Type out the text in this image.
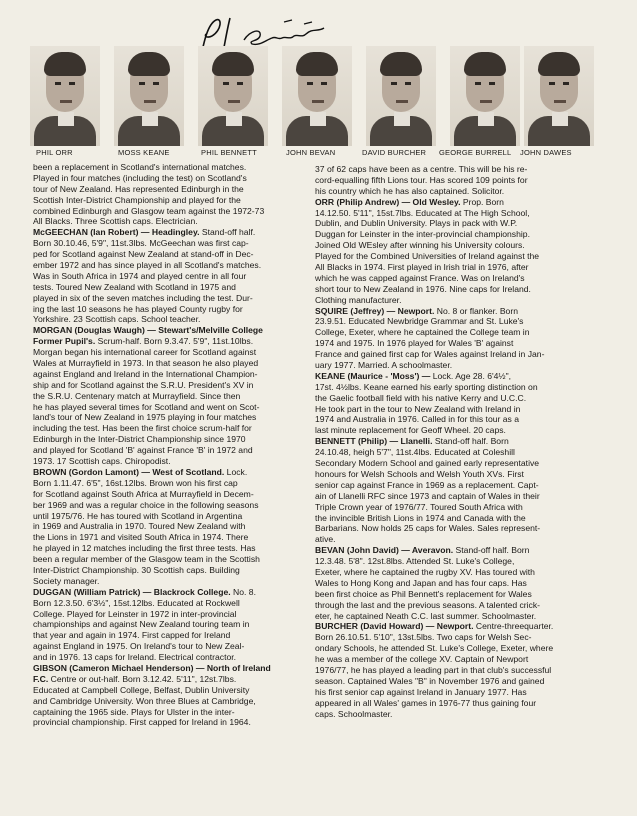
PHIL ORR	MOSS KEANE	PHIL BENNETT	JOHN BEVAN	DAVID BURCHER GEORGE BURRELL JOHN DAWES
been a replacement in Scotland's international matches.
Played in four matches (including the test) on Scotland's
tour of New Zealand. Has represented Edinburgh in the
Scottish Inter-District Championship and played for the
combined Edinburgh and Glasgow team against the 1972-73
All Blacks. Three Scottish caps. Electrician.
McGEECHAN (Ian Robert) — Headingley. Stand-off half.
Born 30.10.46, 5'9", 11st.3lbs. McGeechan was first cap-
ped for Scotland against New Zealand at stand-off in Dec-
ember 1972 and has since played in all Scotland's matches.
Was in South Africa in 1974 and played centre in all four
tests. Toured New Zealand with Scotland in 1975 and
played in six of the seven matches including the test. Dur-
ing the last 10 seasons he has played County rugby for
Yorkshire. 23 Scottish caps. School teacher.
MORGAN (Douglas Waugh) — Stewart's/Melville College
Former Pupil's. Scrum-half. Born 9.3.47. 5'9", 11st.10lbs.
Morgan began his international career for Scotland against
Wales at Murrayfield in 1973. In that season he also played
against England and Ireland in the International Champion-
ship and for Scotland against the S.R.U. President's XV in
the S.R.U. Centenary match at Murrayfield. Since then
he has played several times for Scotland and went on Scot-
land's tour of New Zealand in 1975 playing in four matches
including the test. Has been the first choice scrum-half for
Edinburgh in the Inter-District Championship since 1970
and played for Scotland 'B' against France 'B' in 1972 and
1973. 17 Scottish caps. Chiropodist.
BROWN (Gordon Lamont) — West of Scotland. Lock.
Born 1.11.47. 6'5", 16st.12lbs. Brown won his first cap
for Scotland against South Africa at Murrayfield in Decem-
ber 1969 and was a regular choice in the following seasons
until 1975/76. He has toured with Scotland in Argentina
in 1969 and Australia in 1970. Toured New Zealand with
the Lions in 1971 and visited South Africa in 1974. There
he played in 12 matches including the first three tests. Has
been a regular member of the Glasgow team in the Scottish
Inter-District Championship. 30 Scottish caps. Building
Society manager.
DUGGAN (William Patrick) — Blackrock College. No. 8.
Born 12.3.50. 6'3½", 15st.12lbs. Educated at Rockwell
College. Played for Leinster in 1972 in inter-provincial
championships and against New Zealand touring team in
that year and again in 1974. First capped for Ireland
against England in 1975. On Ireland's tour to New Zeal-
and in 1976. 13 caps for Ireland. Electrical contractor.
GIBSON (Cameron Michael Henderson) — North of Ireland
F.C. Centre or out-half. Born 3.12.42. 5'11", 12st.7lbs.
Educated at Campbell College, Belfast, Dublin University
and Cambridge University. Won three Blues at Cambridge,
captaining the 1965 side. Plays for Ulster in the inter-
provincial championship. First capped for Ireland in 1964.
37 of 62 caps have been as a centre. This will be his re-
cord-equalling fifth Lions tour. Has scored 109 points for
his country which he has also captained. Solicitor.
ORR (Philip Andrew) — Old Wesley. Prop. Born
14.12.50. 5'11", 15st.7lbs. Educated at The High School,
Dublin, and Dublin University. Plays in pack with W.P.
Duggan for Leinster in the inter-provincial championship.
Joined Old WEsley after winning his University colours.
Played for the Combined Universities of Ireland against the
All Blacks in 1974. First played in Irish trial in 1976, after
which he was capped against France. Was on Ireland's
short tour to New Zealand in 1976. Nine caps for Ireland.
Clothing manufacturer.
SQUIRE (Jeffrey) — Newport. No. 8 or flanker. Born
23.9.51. Educated Newbridge Grammar and St. Luke's
College, Exeter, where he captained the College team in
1974 and 1975. In 1976 played for Wales 'B' against
France and gained first cap for Wales against Ireland in Jan-
uary 1977. Married. A schoolmaster.
KEANE (Maurice - 'Moss') — Lock. Age 28. 6'4½",
17st. 4½lbs. Keane earned his early sporting distinction on
the Gaelic football field with his native Kerry and U.C.C.
He took part in the tour to New Zealand with Ireland in
1974 and Australia in 1976. Called in for this tour as a
last minute replacement for Geoff Wheel. 20 caps.
BENNETT (Philip) — Llanelli. Stand-off half. Born
24.10.48, heigh 5'7", 11st.4lbs. Educated at Coleshill
Secondary Modern School and gained early representative
honours for Welsh Schools and Welsh Youth XVs. First
senior cap against France in 1969 as a replacement. Capt-
ain of Llanelli RFC since 1973 and captain of Wales in their
Triple Crown year of 1976/77. Toured South Africa with
the invincible British Lions in 1974 and Canada with the
Barbarians. Now holds 25 caps for Wales. Sales represent-
ative.
BEVAN (John David) — Averavon. Stand-off half. Born
12.3.48. 5'8". 12st.8lbs. Attended St. Luke's College,
Exeter, where he captained the rugby XV. Has toured with
Wales to Hong Kong and Japan and has four caps. Has
been first choice as Phil Bennett's replacement for Wales
through the last and the previous seasons. A talented crick-
eter, he captained Neath C.C. last summer. Schoolmaster.
BURCHER (David Howard) — Newport. Centre-threequarter.
Born 26.10.51. 5'10", 13st.5lbs. Two caps for Welsh Sec-
ondary Schools, he attended St. Luke's College, Exeter, where
he was a member of the college XV. Captain of Newport
1976/77, he has played a leading part in that club's successful
season. Captained Wales "B" in November 1976 and gained
his first senior cap against Ireland in January 1977. Has
appeared in all Wales' games in 1976-77 thus gaining four
caps. Schoolmaster.
